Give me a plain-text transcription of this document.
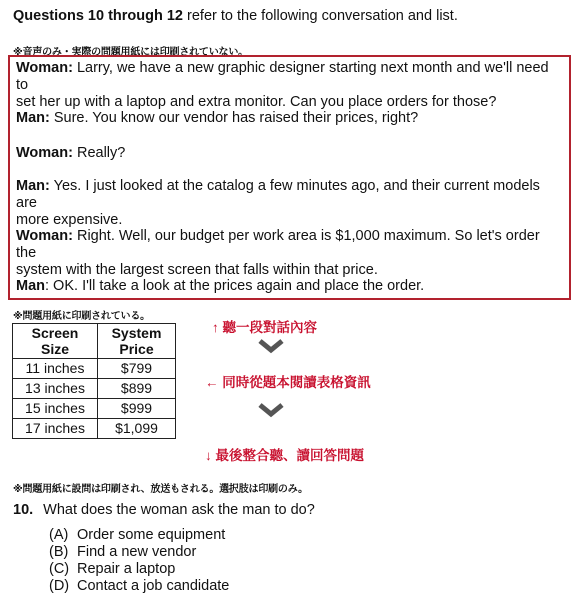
Questions 10 through 12 refer to the following conversation and list.
※音声のみ・実際の問題用紙には印刷されていない。
Woman: Larry, we have a new graphic designer starting next month and we'll need to
set her up with a laptop and extra monitor. Can you place orders for those?
Man: Sure. You know our vendor has raised their prices, right?
Woman: Really?
Man: Yes. I just looked at the catalog a few minutes ago, and their current models are
more expensive.
Woman: Right. Well, our budget per work area is $1,000 maximum. So let's order the
system with the largest screen that falls within that price.
Man: OK. I'll take a look at the prices again and place the order.
※問題用紙に印刷されている。
Screen
Size	System
Price
11 inches	$799
13 inches	$899
15 inches	$999
17 inches	$1,099
↑ 聽一段對話內容
← 同時從題本閱讀表格資訊
↓ 最後整合聽、讀回答問題
※問題用紙に設問は印刷され、放送もされる。選択肢は印刷のみ。
10. What does the woman ask the man to do?
(A) Order some equipment
(B) Find a new vendor
(C) Repair a laptop
(D) Contact a job candidate
